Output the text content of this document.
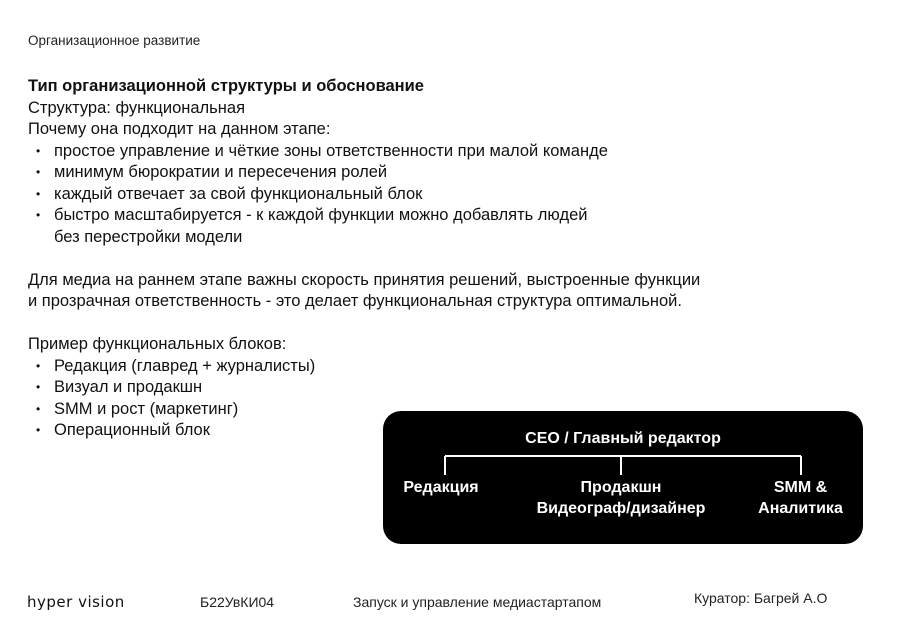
Организационное развитие
Тип организационной структуры и обоснование
Структура: функциональная
Почему она подходит на данном этапе:
• простое управление и чёткие зоны ответственности при малой команде
• минимум бюрократии и пересечения ролей
• каждый отвечает за свой функциональный блок
• быстро масштабируется - к каждой функции можно добавлять людей
без перестройки модели
Для медиа на раннем этапе важны скорость принятия решений, выстроенные функции
и прозрачная ответственность - это делает функциональная структура оптимальной.
Пример функциональных блоков:
• Редакция (главред + журналисты)
• Визуал и продакшн
• SMM и рост (маркетинг)
• Операционный блок	CEO / Главный редактор
Редакция	Продакшн
Видеограф/дизайнер
SMM &
Аналитика
hyper vision	Б22УвКИ04	Запуск и управление медиастартапом	Куратор: Багрей А.О
